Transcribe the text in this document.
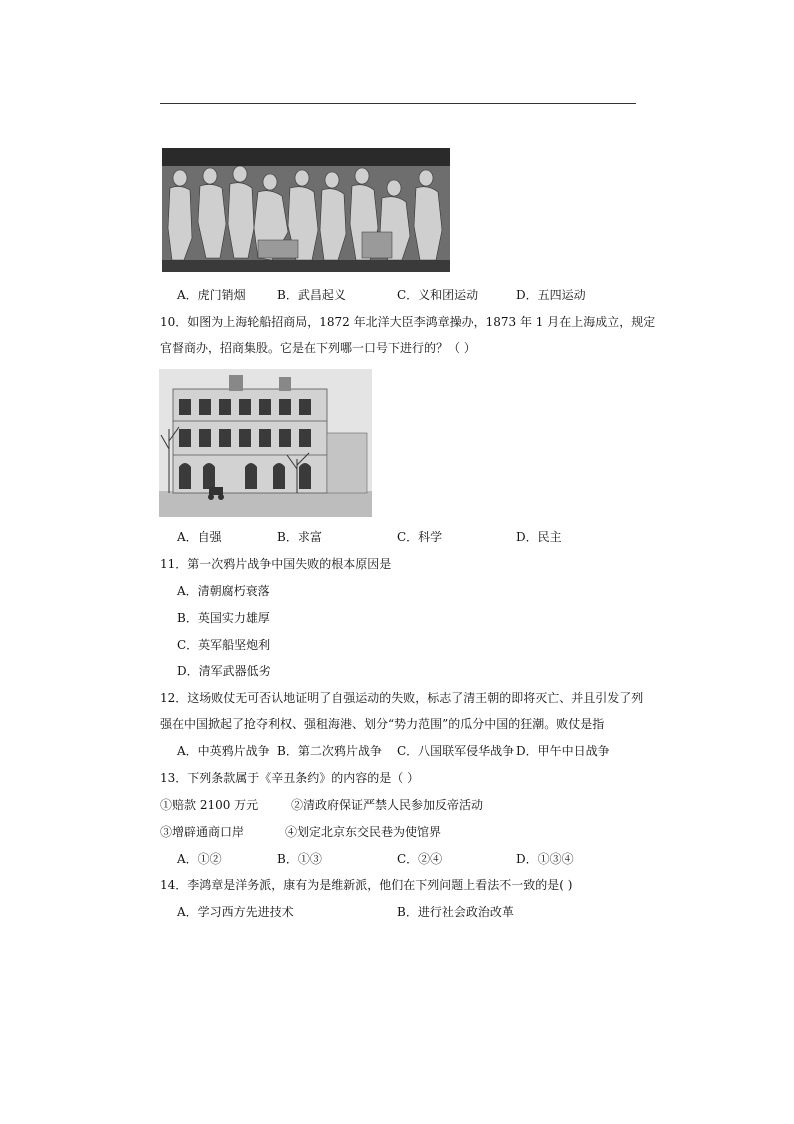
A．虎门销烟	B．武昌起义	C．义和团运动	D．五四运动
10．如图为上海轮船招商局，1872 年北洋大臣李鸿章操办，1873 年 1 月在上海成立，规定
官督商办，招商集股。它是在下列哪一口号下进行的？（ ）
A．自强	B．求富	C．科学	D．民主
11．第一次鸦片战争中国失败的根本原因是
A．清朝腐朽衰落
B．英国实力雄厚
C．英军船坚炮利
D．清军武器低劣
12．这场败仗无可否认地证明了自强运动的失败，标志了清王朝的即将灭亡、并且引发了列
强在中国掀起了抢夺利权、强租海港、划分“势力范围”的瓜分中国的狂潮。败仗是指
A．中英鸦片战争 B．第二次鸦片战争 C．八国联军侵华战争 D．甲午中日战争
13．下列条款属于《辛丑条约》的内容的是（ ）
①赔款 2100 万元	②清政府保证严禁人民参加反帝活动
③增辟通商口岸	④划定北京东交民巷为使馆界
A．①②	B．①③	C．②④	D．①③④
14．李鸿章是洋务派，康有为是维新派，他们在下列问题上看法不一致的是( )
A．学习西方先进技术	B．进行社会政治改革
